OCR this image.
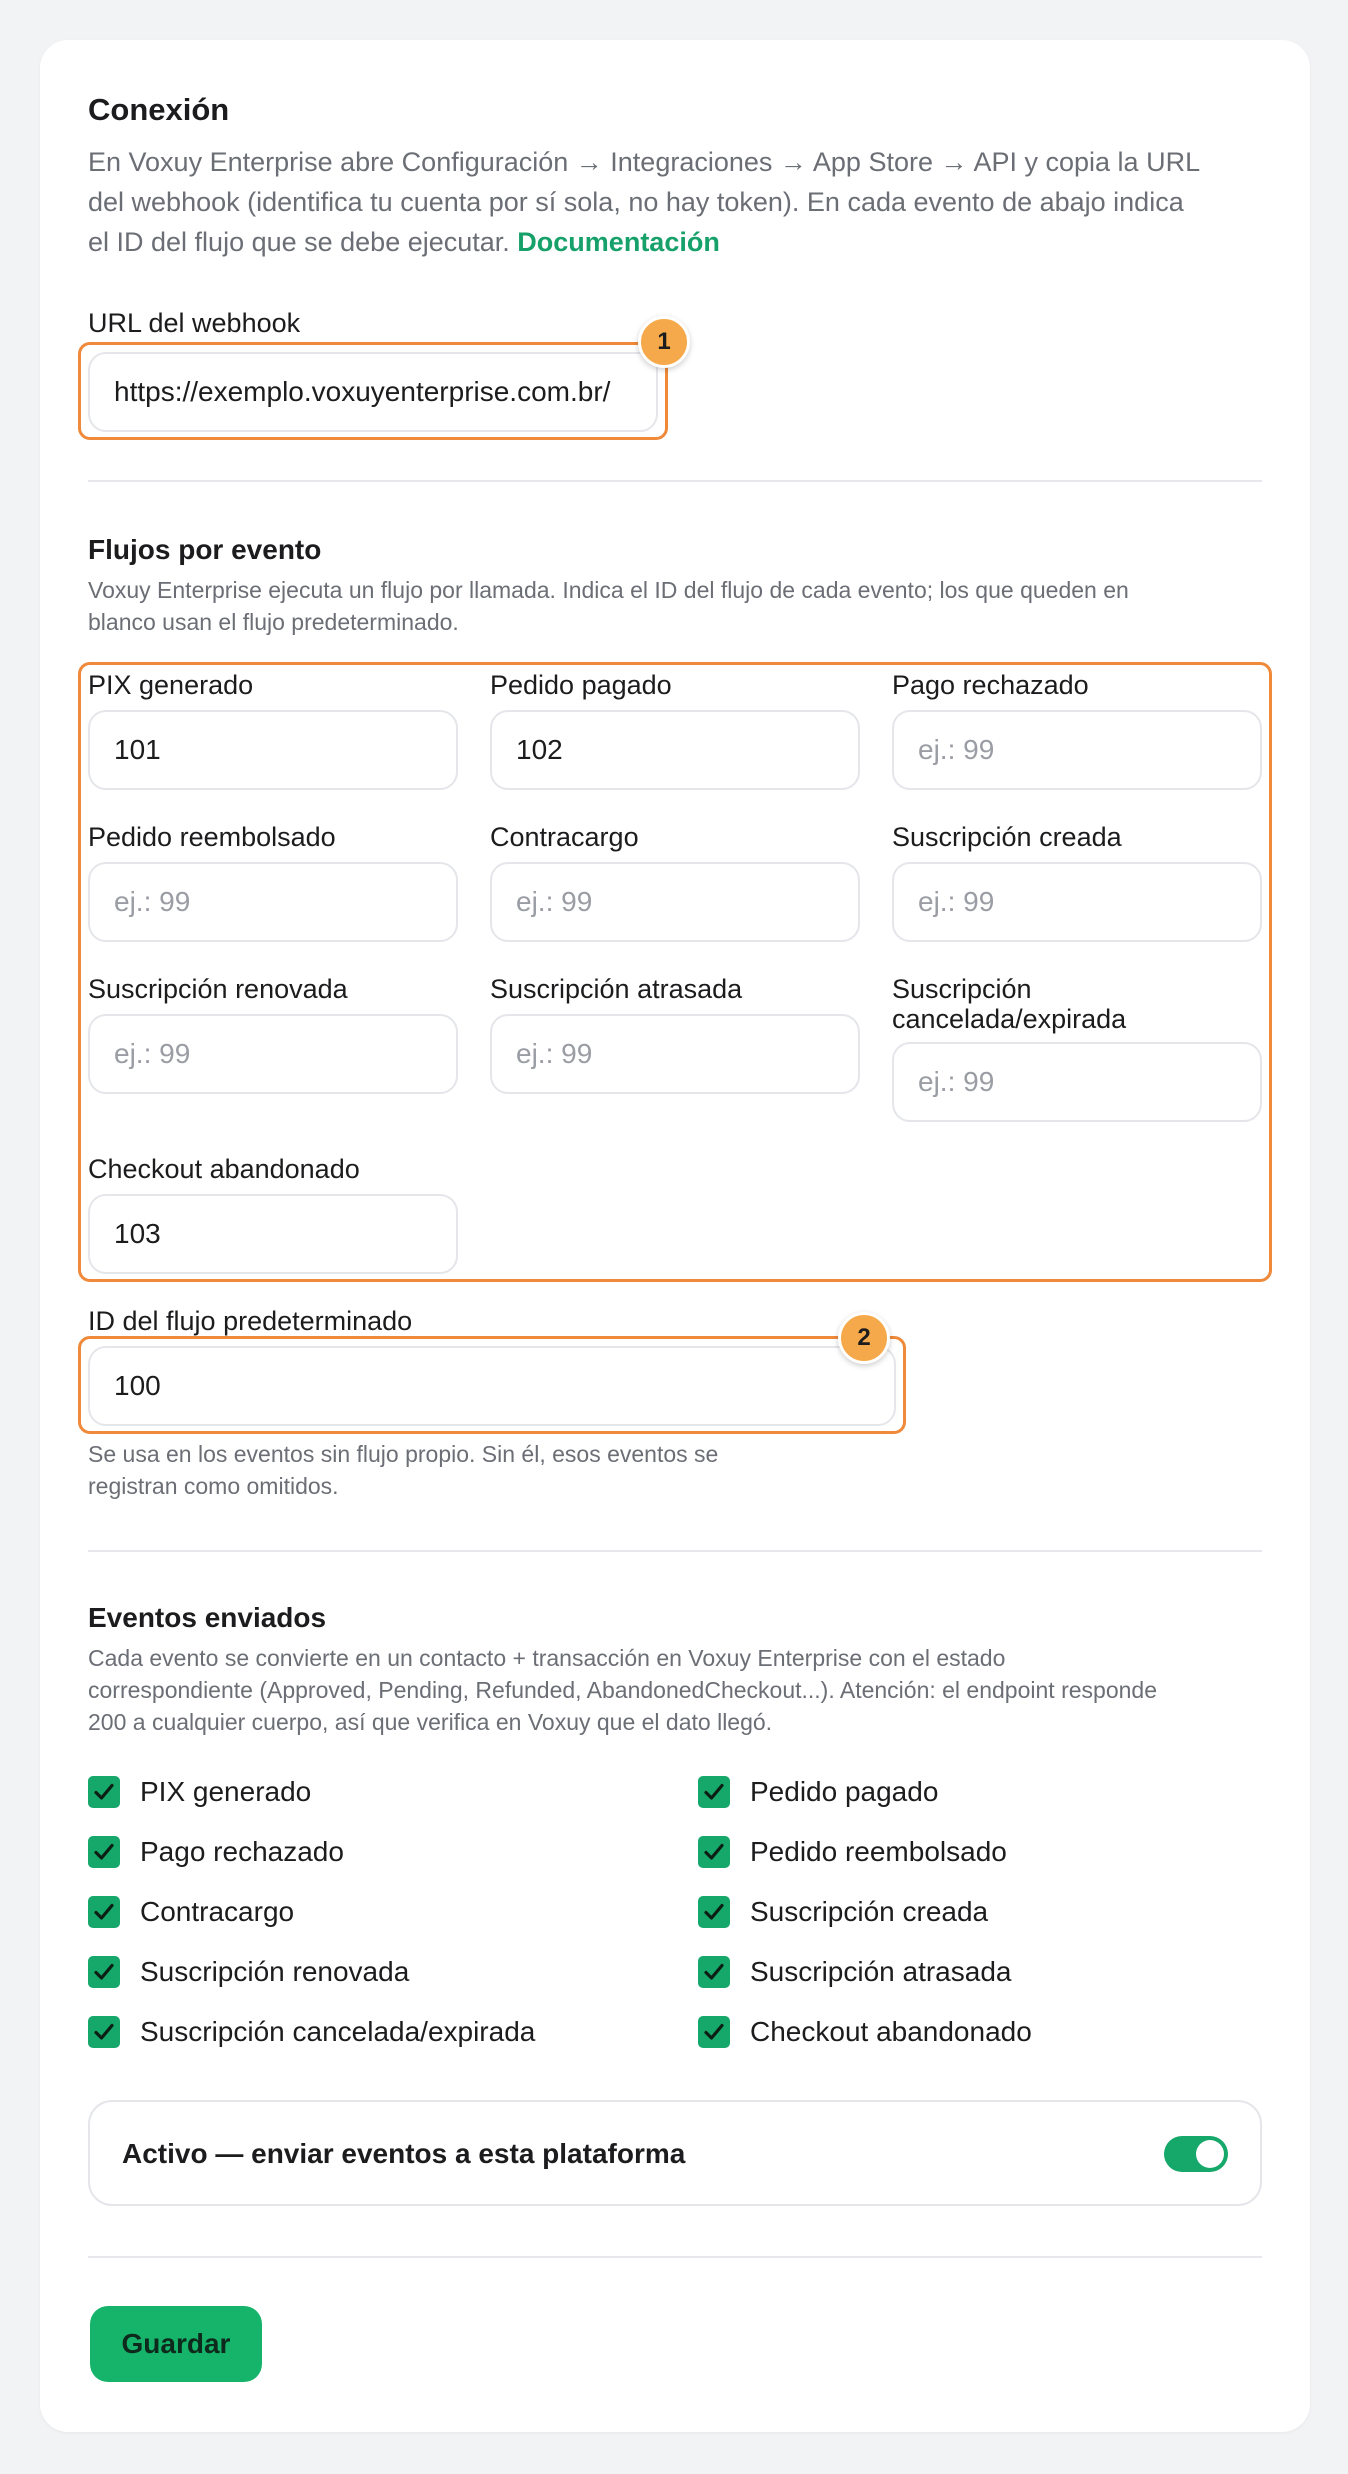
Conexión
En Voxuy Enterprise abre Configuración → Integraciones → App Store → API y copia la URL
del webhook (identifica tu cuenta por sí sola, no hay token). En cada evento de abajo indica
el ID del flujo que se debe ejecutar. Documentación
URL del webhook
https://exemplo.voxuyenterprise.com.br/
1
Flujos por evento
Voxuy Enterprise ejecuta un flujo por llamada. Indica el ID del flujo de cada evento; los que queden en
blanco usan el flujo predeterminado.
PIX generado
101
Pedido pagado
102
Pago rechazado
ej.: 99
Pedido reembolsado
ej.: 99
Contracargo
ej.: 99
Suscripción creada
ej.: 99
Suscripción renovada
ej.: 99
Suscripción atrasada
ej.: 99
Suscripción
cancelada/expirada
ej.: 99
Checkout abandonado
103
ID del flujo predeterminado
100
2
Se usa en los eventos sin flujo propio. Sin él, esos eventos se
registran como omitidos.
Eventos enviados
Cada evento se convierte en un contacto + transacción en Voxuy Enterprise con el estado
correspondiente (Approved, Pending, Refunded, AbandonedCheckout...). Atención: el endpoint responde
200 a cualquier cuerpo, así que verifica en Voxuy que el dato llegó.
PIX generado	Pedido pagado
Pago rechazado	Pedido reembolsado
Contracargo	Suscripción creada
Suscripción renovada	Suscripción atrasada
Suscripción cancelada/expirada	Checkout abandonado
Activo — enviar eventos a esta plataforma
Guardar
